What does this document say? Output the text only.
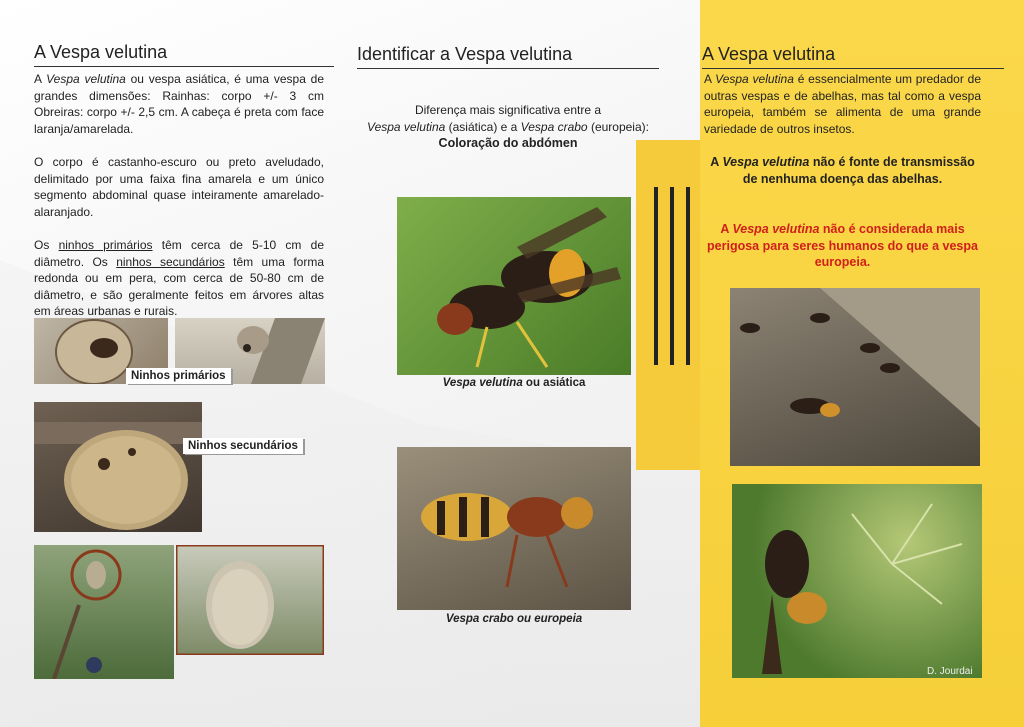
A Vespa velutina
A Vespa velutina ou vespa asiática, é uma vespa de grandes dimensões: Rainhas: corpo +/- 3 cm Obreiras: corpo +/- 2,5 cm. A cabeça é preta com face laranja/amarelada.
O corpo é castanho-escuro ou preto aveludado, delimitado por uma faixa fina amarela e um único segmento abdominal quase inteiramente amarelado-alaranjado.
Os ninhos primários têm cerca de 5-10 cm de diâmetro. Os ninhos secundários têm uma forma redonda ou em pera, com cerca de 50-80 cm de diâmetro, e são geralmente feitos em árvores altas em áreas urbanas e rurais.
Ninhos primários
Ninhos secundários
Identificar a Vespa velutina
Diferença mais significativa entre a
Vespa velutina (asiática) e a Vespa crabo (europeia):
Coloração do abdómen
Vespa velutina ou asiática
Vespa crabo ou europeia
A Vespa velutina
A Vespa velutina é essencialmente um predador de outras vespas e de abelhas, mas tal como a vespa europeia, também se alimenta de uma grande variedade de outros insetos.
A Vespa velutina não é fonte de transmissão de nenhuma doença das abelhas.
A Vespa velutina não é considerada mais perigosa para seres humanos do que a vespa europeia.
D. Jourdai
